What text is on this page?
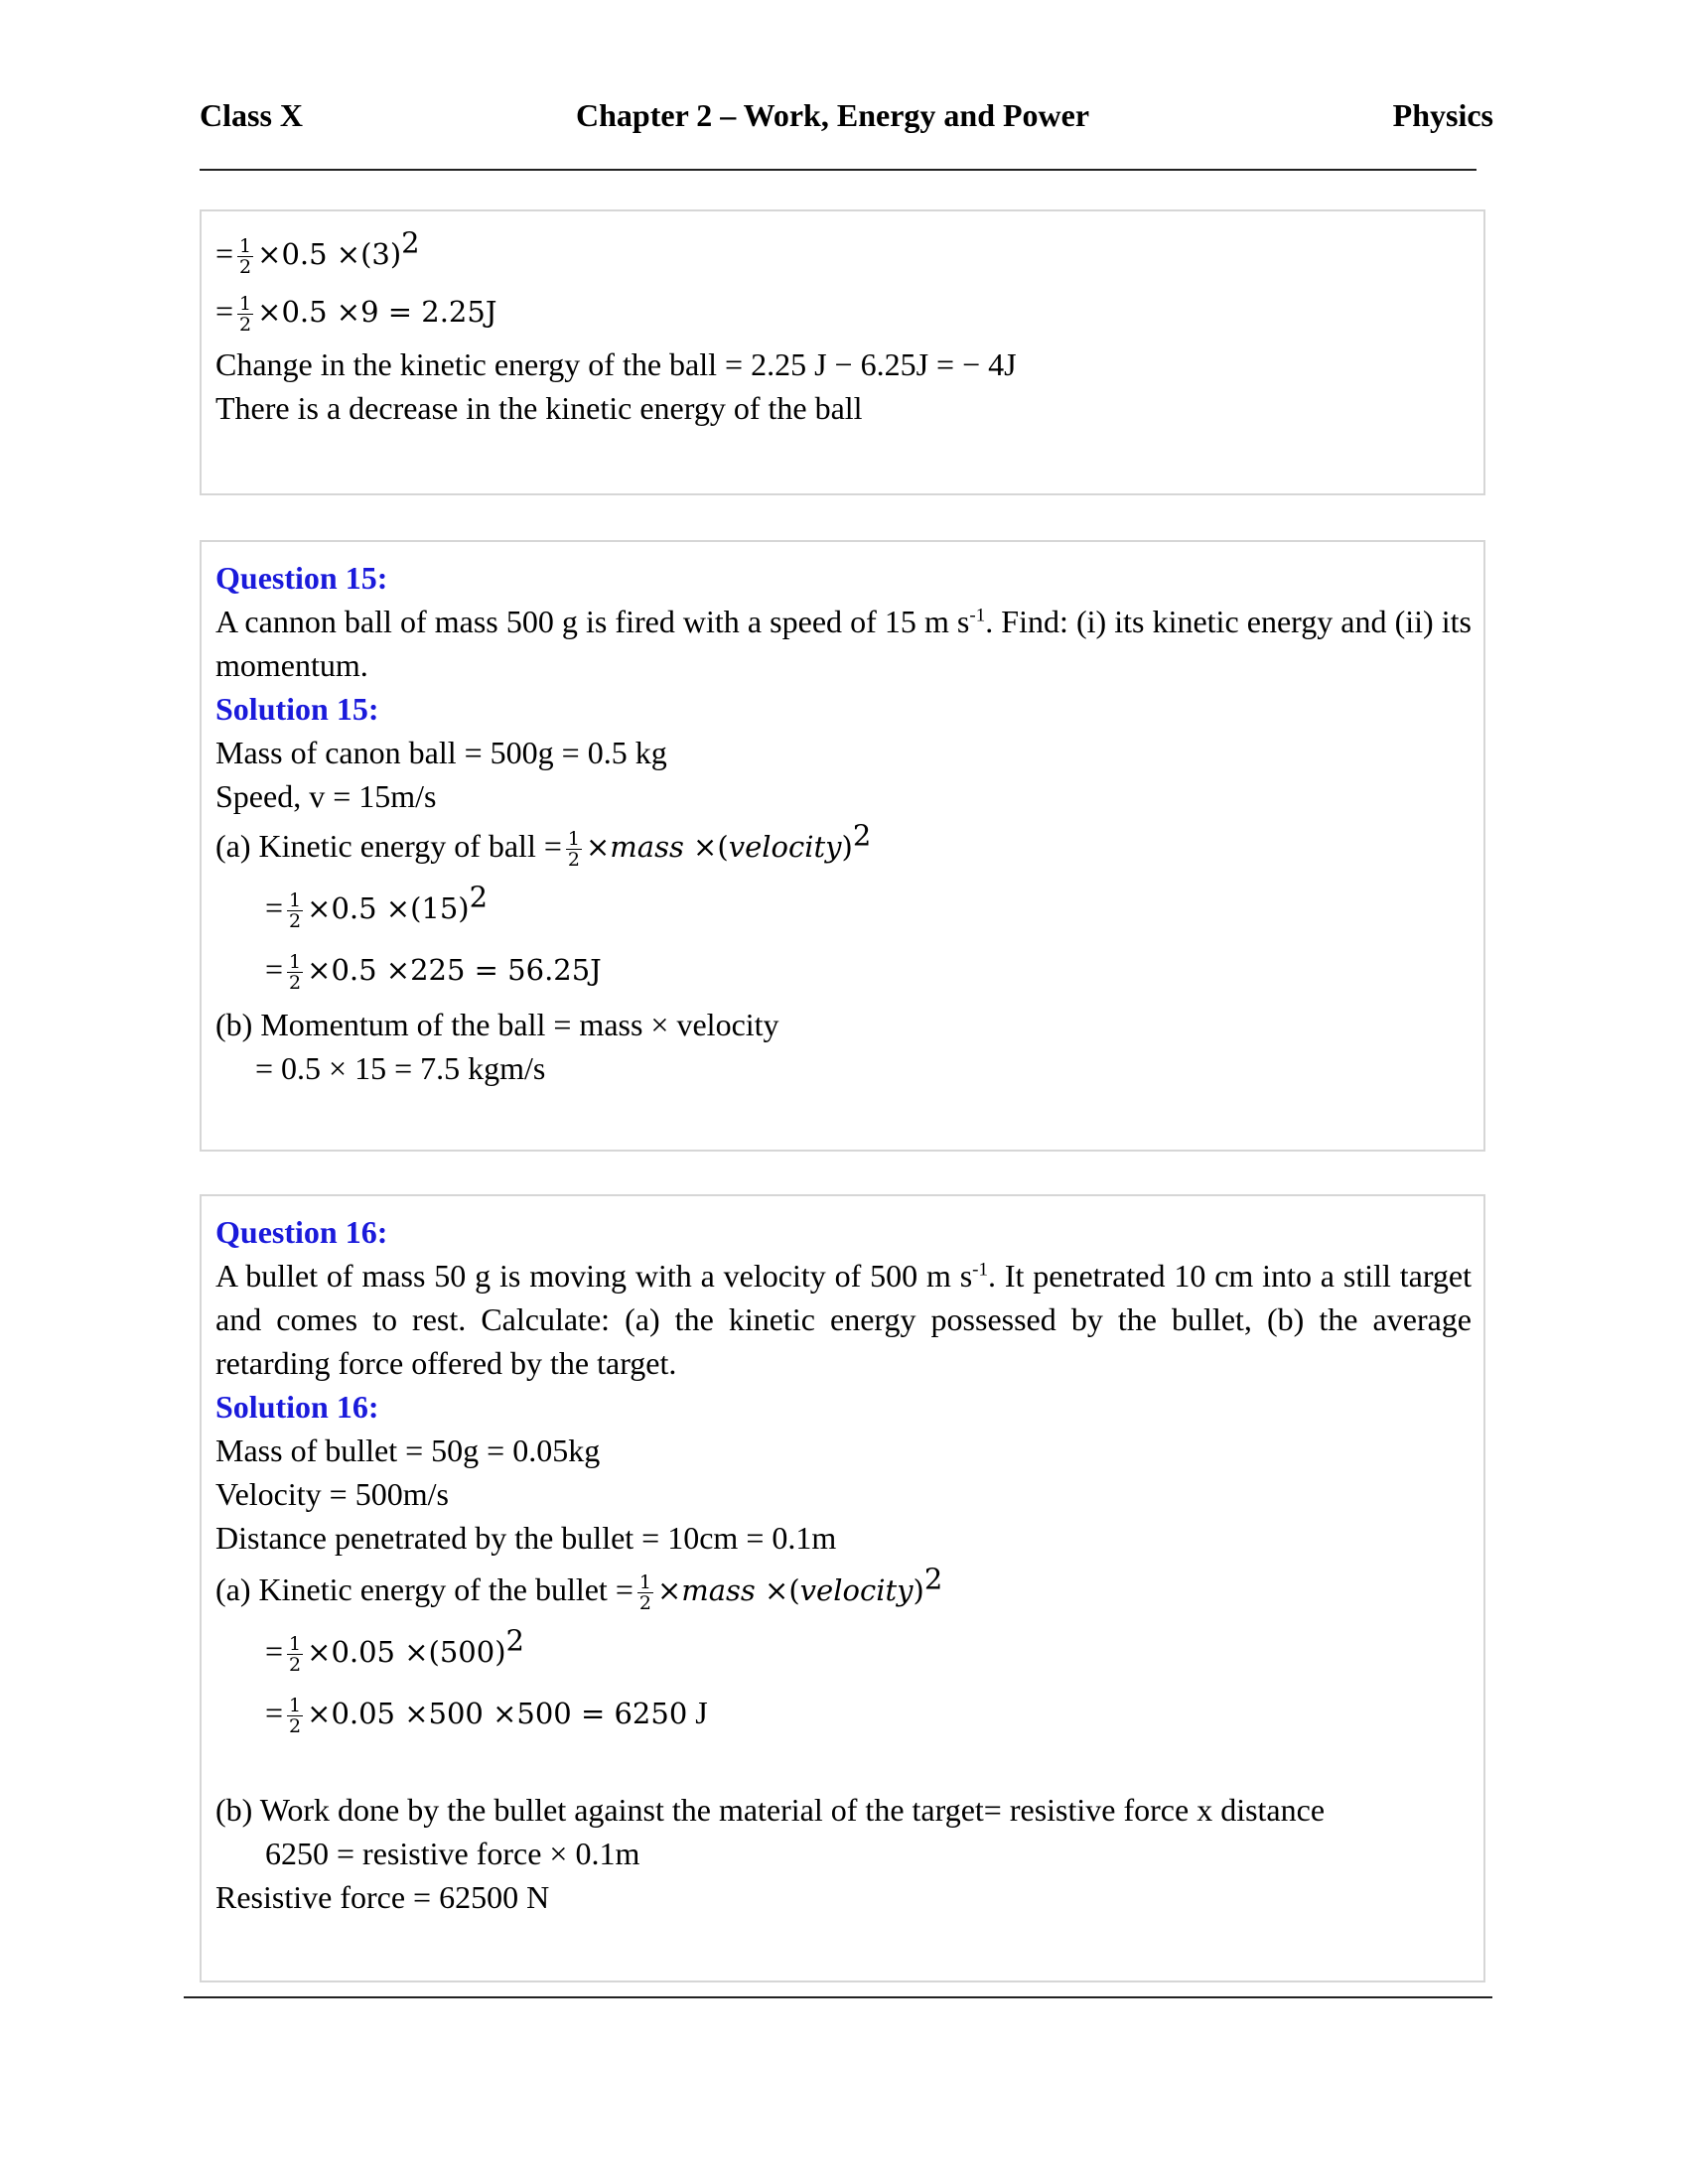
Class X	Chapter 2 – Work, Energy and Power	Physics
= $\frac{1}{2} \times 0.5 \times(3)^2$
= $\frac{1}{2} \times 0.5 \times 9 = 2.25J$
Change in the kinetic energy of the ball = 2.25 J − 6.25J = − 4J
There is a decrease in the kinetic energy of the ball
Question 15:
A cannon ball of mass 500 g is fired with a speed of 15 m $s^{-1}$. Find: (i) its kinetic energy and (ii) its momentum.
Solution 15:
Mass of canon ball = 500g = 0.5 kg
Speed, v = 15m/s
(a) Kinetic energy of ball = $\frac{1}{2}$ ×mass ×(velocity)$^2$
= $\frac{1}{2} \times 0.5 \times(15)^2$
= $\frac{1}{2} \times 0.5 \times 225 = 56.25J$
(b) Momentum of the ball = mass × velocity
= 0.5 × 15 = 7.5 kgm/s
Question 16:
A bullet of mass 50 g is moving with a velocity of 500 m $s^{-1}$. It penetrated 10 cm into a still target and comes to rest. Calculate: (a) the kinetic energy possessed by the bullet, (b) the average retarding force offered by the target.
Solution 16:
Mass of bullet = 50g = 0.05kg
Velocity = 500m/s
Distance penetrated by the bullet = 10cm = 0.1m
(a) Kinetic energy of the bullet = $\frac{1}{2}$ ×mass ×(velocity)$^2$
= $\frac{1}{2} \times 0.05 \times(500)^2$
= $\frac{1}{2} \times 0.05 \times 500 \times 500 = 6250$ J
(b) Work done by the bullet against the material of the target= resistive force x distance
6250 = resistive force × 0.1m
Resistive force = 62500 N
